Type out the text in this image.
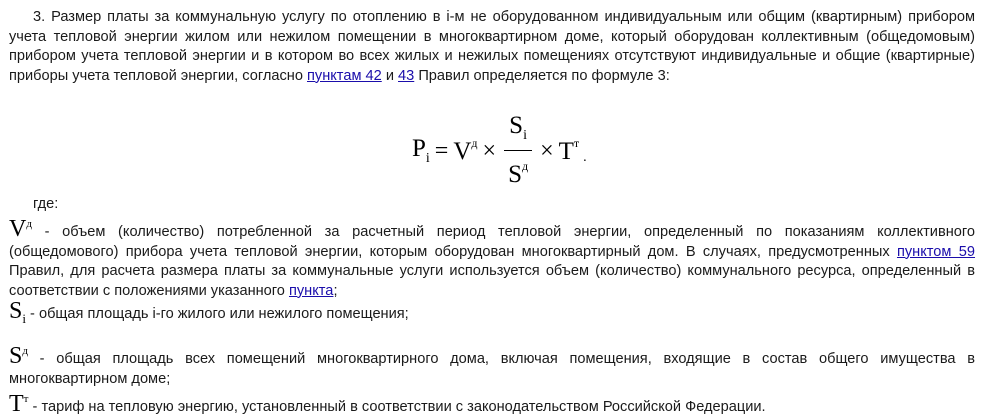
3. Размер платы за коммунальную услугу по отоплению в i-м не оборудованном индивидуальным или общим (квартирным) прибором учета тепловой энергии жилом или нежилом помещении в многоквартирном доме, который оборудован коллективным (общедомовым) прибором учета тепловой энергии и в котором во всех жилых и нежилых помещениях отсутствуют индивидуальные и общие (квартирные) приборы учета тепловой энергии, согласно пунктам 42 и 43 Правил определяется по формуле 3:
$P_i = V^д \times \frac{S_i}{S^д} \times T^т$
.
где:
$V^д$ - объем (количество) потребленной за расчетный период тепловой энергии, определенный по показаниям коллективного (общедомового) прибора учета тепловой энергии, которым оборудован многоквартирный дом. В случаях, предусмотренных пунктом 59 Правил, для расчета размера платы за коммунальные услуги используется объем (количество) коммунального ресурса, определенный в соответствии с положениями указанного пункта;
$S_i$ - общая площадь i-го жилого или нежилого помещения;
$S^д$ - общая площадь всех помещений многоквартирного дома, включая помещения, входящие в состав общего имущества в многоквартирном доме;
$T^т$ - тариф на тепловую энергию, установленный в соответствии с законодательством Российской Федерации.
